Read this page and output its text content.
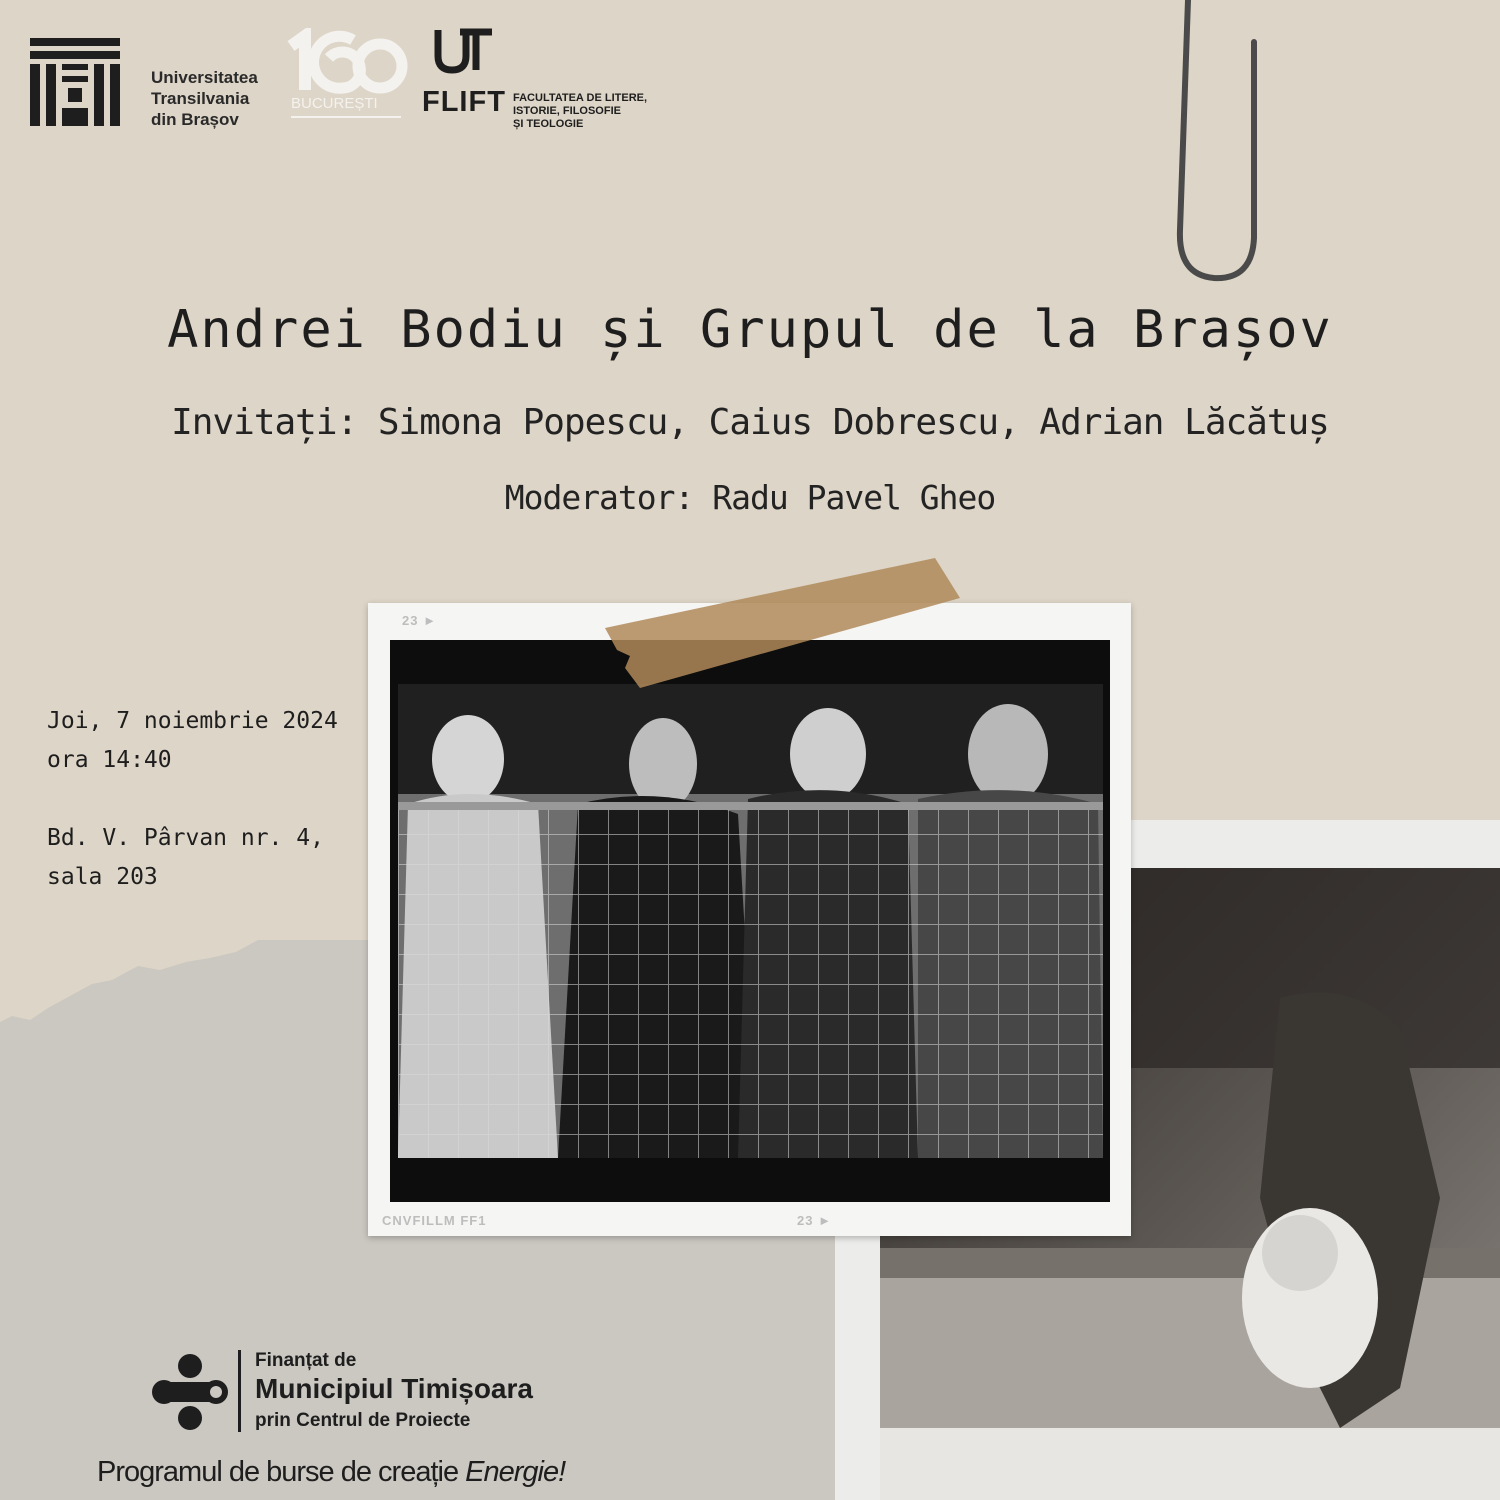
Universitatea
Transilvania
din Brașov
BUCUREȘTI FLIFT FACULTATEA DE LITERE,
ISTORIE, FILOSOFIE
ȘI TEOLOGIE
Andrei Bodiu și Grupul de la Brașov
Invitați: Simona Popescu, Caius Dobrescu, Adrian Lăcătuș
Moderator: Radu Pavel Gheo
Joi, 7 noiembrie 2024
ora 14:40
Bd. V. Pârvan nr. 4,
sala 203
23 ►
CNVFILLM FF1	23 ►
Finanțat de
Municipiul Timișoara
prin Centrul de Proiecte
Programul de burse de creație Energie!
